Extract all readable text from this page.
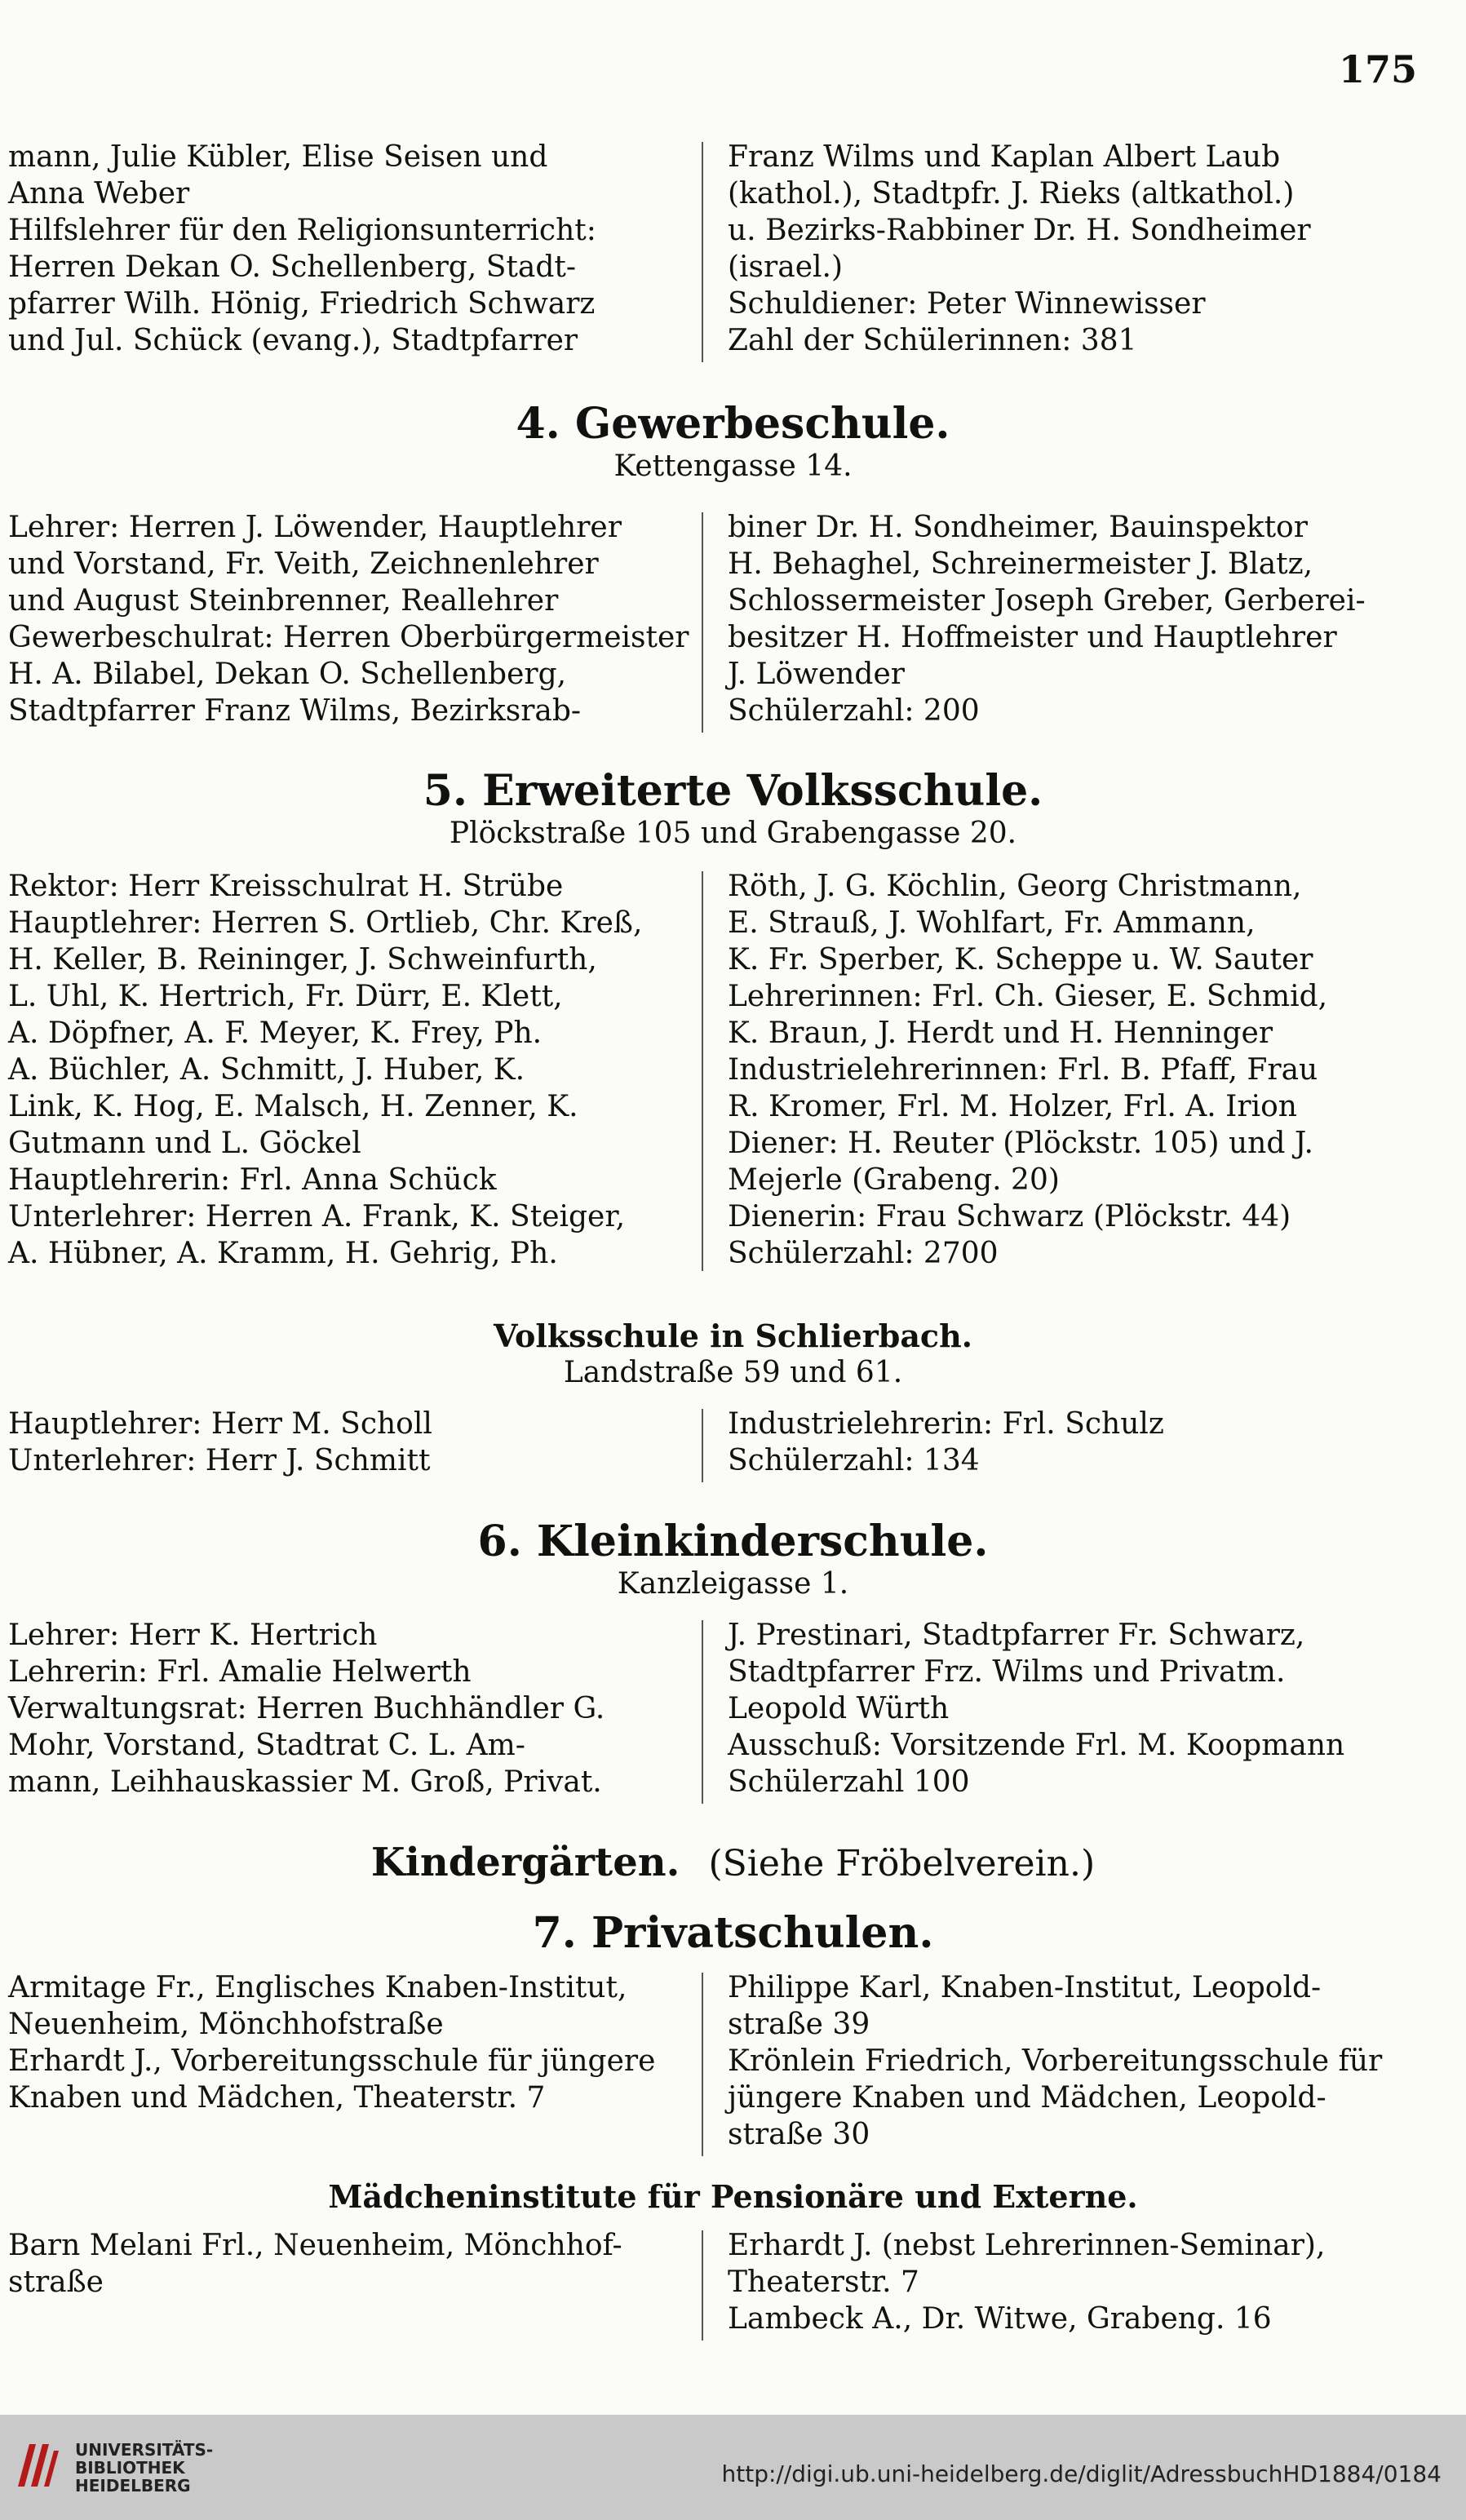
175
mann, Julie Kübler, Elise Seisen und
Anna Weber
Hilfslehrer für den Religionsunterricht:
Herren Dekan O. Schellenberg, Stadt-
pfarrer Wilh. Hönig, Friedrich Schwarz
und Jul. Schück (evang.), Stadtpfarrer
Franz Wilms und Kaplan Albert Laub
(kathol.), Stadtpfr. J. Rieks (altkathol.)
u. Bezirks-Rabbiner Dr. H. Sondheimer
(israel.)
Schuldiener: Peter Winnewisser
Zahl der Schülerinnen: 381
4. Gewerbeschule.
Kettengasse 14.
Lehrer: Herren J. Löwender, Hauptlehrer
und Vorstand, Fr. Veith, Zeichnenlehrer
und August Steinbrenner, Reallehrer
Gewerbeschulrat: Herren Oberbürgermeister
H. A. Bilabel, Dekan O. Schellenberg,
Stadtpfarrer Franz Wilms, Bezirksrab-
biner Dr. H. Sondheimer, Bauinspektor
H. Behaghel, Schreinermeister J. Blatz,
Schlossermeister Joseph Greber, Gerberei-
besitzer H. Hoffmeister und Hauptlehrer
J. Löwender
Schülerzahl: 200
5. Erweiterte Volksschule.
Plöckstraße 105 und Grabengasse 20.
Rektor: Herr Kreisschulrat H. Strübe
Hauptlehrer: Herren S. Ortlieb, Chr. Kreß,
H. Keller, B. Reininger, J. Schweinfurth,
L. Uhl, K. Hertrich, Fr. Dürr, E. Klett,
A. Döpfner, A. F. Meyer, K. Frey, Ph.
A. Büchler, A. Schmitt, J. Huber, K.
Link, K. Hog, E. Malsch, H. Zenner, K.
Gutmann und L. Göckel
Hauptlehrerin: Frl. Anna Schück
Unterlehrer: Herren A. Frank, K. Steiger,
A. Hübner, A. Kramm, H. Gehrig, Ph.
Röth, J. G. Köchlin, Georg Christmann,
E. Strauß, J. Wohlfart, Fr. Ammann,
K. Fr. Sperber, K. Scheppe u. W. Sauter
Lehrerinnen: Frl. Ch. Gieser, E. Schmid,
K. Braun, J. Herdt und H. Henninger
Industrielehrerinnen: Frl. B. Pfaff, Frau
R. Kromer, Frl. M. Holzer, Frl. A. Irion
Diener: H. Reuter (Plöckstr. 105) und J.
Mejerle (Grabeng. 20)
Dienerin: Frau Schwarz (Plöckstr. 44)
Schülerzahl: 2700
Volksschule in Schlierbach.
Landstraße 59 und 61.
Hauptlehrer: Herr M. Scholl
Unterlehrer: Herr J. Schmitt
Industrielehrerin: Frl. Schulz
Schülerzahl: 134
6. Kleinkinderschule.
Kanzleigasse 1.
Lehrer: Herr K. Hertrich
Lehrerin: Frl. Amalie Helwerth
Verwaltungsrat: Herren Buchhändler G.
Mohr, Vorstand, Stadtrat C. L. Am-
mann, Leihhauskassier M. Groß, Privat.
J. Prestinari, Stadtpfarrer Fr. Schwarz,
Stadtpfarrer Frz. Wilms und Privatm.
Leopold Würth
Ausschuß: Vorsitzende Frl. M. Koopmann
Schülerzahl 100
Kindergärten. (Siehe Fröbelverein.)
7. Privatschulen.
Armitage Fr., Englisches Knaben-Institut,
Neuenheim, Mönchhofstraße
Erhardt J., Vorbereitungsschule für jüngere
Knaben und Mädchen, Theaterstr. 7
Philippe Karl, Knaben-Institut, Leopold-
straße 39
Krönlein Friedrich, Vorbereitungsschule für
jüngere Knaben und Mädchen, Leopold-
straße 30
Mädcheninstitute für Pensionäre und Externe.
Barn Melani Frl., Neuenheim, Mönchhof-
straße
Erhardt J. (nebst Lehrerinnen-Seminar),
Theaterstr. 7
Lambeck A., Dr. Witwe, Grabeng. 16
UNIVERSITÄTS-
BIBLIOTHEK
HEIDELBERG	http://digi.ub.uni-heidelberg.de/diglit/AdressbuchHD1884/0184
